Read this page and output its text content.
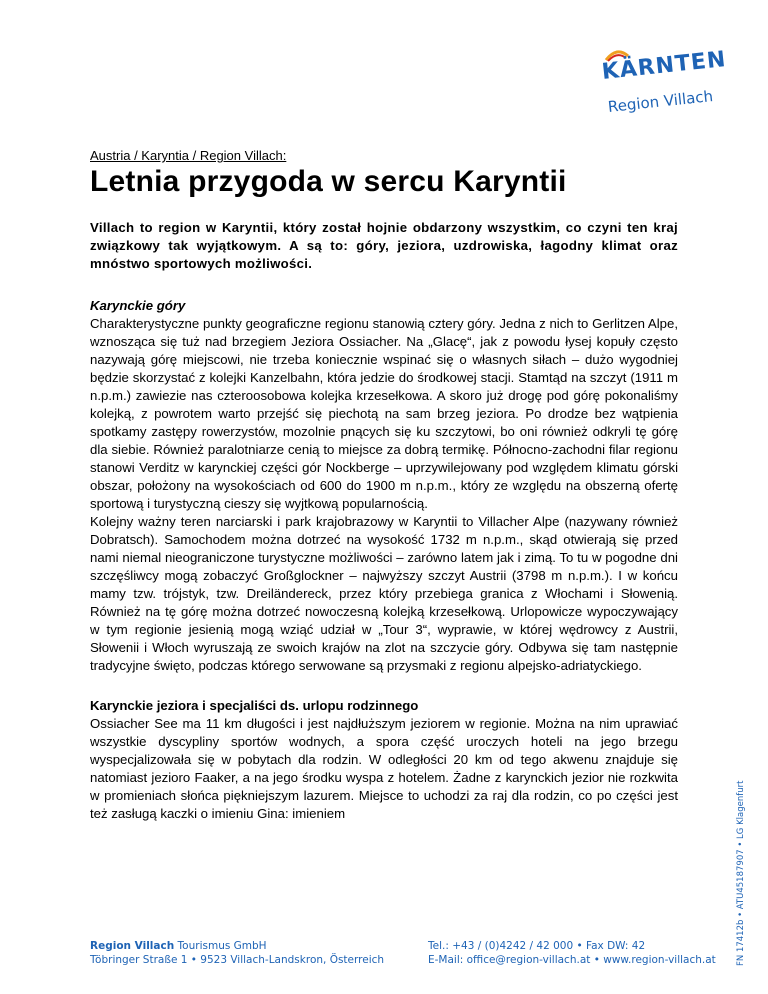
KÄRNTEN
Region Villach
Austria / Karyntia / Region Villach:
Letnia przygoda w sercu Karyntii

Villach to region w Karyntii, który został hojnie obdarzony wszystkim, co czyni ten kraj związkowy tak wyjątkowym. A są to: góry, jeziora, uzdrowiska, łagodny klimat oraz mnóstwo sportowych możliwości.

Karynckie góry

Charakterystyczne punkty geograficzne regionu stanowią cztery góry. Jedna z nich to Gerlitzen Alpe, wznosząca się tuż nad brzegiem Jeziora Ossiacher. Na „Glacę“, jak z powodu łysej kopuły często nazywają górę miejscowi, nie trzeba koniecznie wspinać się o własnych siłach – dużo wygodniej będzie skorzystać z kolejki Kanzelbahn, która jedzie do środkowej stacji. Stamtąd na szczyt (1911 m n.p.m.) zawiezie nas czteroosobowa kolejka krzesełkowa. A skoro już drogę pod górę pokonaliśmy kolejką, z powrotem warto przejść się piechotą na sam brzeg jeziora. Po drodze bez wątpienia spotkamy zastępy rowerzystów, mozolnie pnących się ku szczytowi, bo oni również odkryli tę górę dla siebie. Również paralotniarze cenią to miejsce za dobrą termikę. Północno-zachodni filar regionu stanowi Verditz w karynckiej części gór Nockberge – uprzywilejowany pod względem klimatu górski obszar, położony na wysokościach od 600 do 1900 m n.p.m., który ze względu na obszerną ofertę sportową i turystyczną cieszy się wyjtkową popularnością.

Kolejny ważny teren narciarski i park krajobrazowy w Karyntii to Villacher Alpe (nazywany również Dobratsch). Samochodem można dotrzeć na wysokość 1732 m n.p.m., skąd otwierają się przed nami niemal nieograniczone turystyczne możliwości – zarówno latem jak i zimą. To tu w pogodne dni szczęśliwcy mogą zobaczyć Großglockner – najwyższy szczyt Austrii (3798 m n.p.m.). I w końcu mamy tzw. trójstyk, tzw. Dreiländereck, przez który przebiega granica z Włochami i Słowenią. Również na tę górę można dotrzeć nowoczesną kolejką krzesełkową. Urlopowicze wypoczywający w tym regionie jesienią mogą wziąć udział w „Tour 3“, wyprawie, w której wędrowcy z Austrii, Słowenii i Włoch wyruszają ze swoich krajów na zlot na szczycie góry. Odbywa się tam następnie tradycyjne święto, podczas którego serwowane są przysmaki z regionu alpejsko-adriatyckiego.

Karynckie jeziora i specjaliści ds. urlopu rodzinnego

Ossiacher See ma 11 km długości i jest najdłuższym jeziorem w regionie. Można na nim uprawiać wszystkie dyscypliny sportów wodnych, a spora część uroczych hoteli na jego brzegu wyspecjalizowała się w pobytach dla rodzin. W odległości 20 km od tego akwenu znajduje się natomiast jezioro Faaker, a na jego środku wyspa z hotelem. Żadne z karynckich jezior nie rozkwita w promieniach słońca piękniejszym lazurem. Miejsce to uchodzi za raj dla rodzin, co po części jest też zasługą kaczki o imieniu Gina: imieniem

Region Villach Tourismus GmbH
Töbringer Straße 1 • 9523 Villach-Landskron, Österreich
Tel.: +43 / (0)4242 / 42 000 • Fax DW: 42
E-Mail: office@region-villach.at • www.region-villach.at FN 17412b • ATU45187907 • LG Klagenfurt
